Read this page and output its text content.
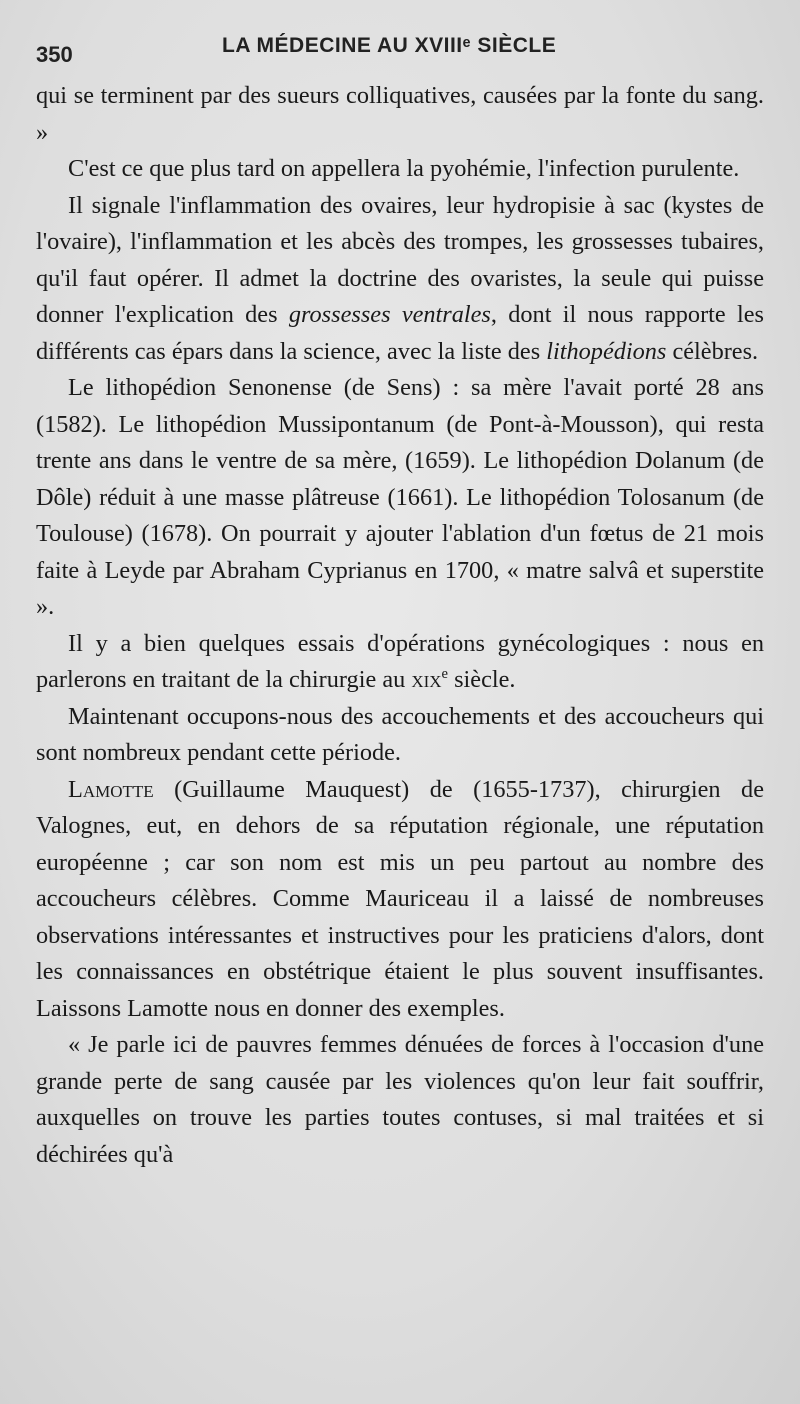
350	LA MÉDECINE AU XVIIIᵉ SIÈCLE

qui se terminent par des sueurs colliquatives, causées par la fonte du sang. »

C'est ce que plus tard on appellera la pyohémie, l'infection purulente.

Il signale l'inflammation des ovaires, leur hydropisie à sac (kystes de l'ovaire), l'inflammation et les abcès des trompes, les grossesses tubaires, qu'il faut opérer. Il admet la doctrine des ovaristes, la seule qui puisse donner l'explication des grossesses ventrales, dont il nous rapporte les différents cas épars dans la science, avec la liste des lithopédions célèbres.

Le lithopédion Senonense (de Sens) : sa mère l'avait porté 28 ans (1582). Le lithopédion Mussipontanum (de Pont-à-Mousson), qui resta trente ans dans le ventre de sa mère, (1659). Le lithopédion Dolanum (de Dôle) réduit à une masse plâtreuse (1661). Le lithopédion Tolosanum (de Toulouse) (1678). On pourrait y ajouter l'ablation d'un fœtus de 21 mois faite à Leyde par Abraham Cyprianus en 1700, « matre salvâ et superstite ».

Il y a bien quelques essais d'opérations gynécologiques : nous en parlerons en traitant de la chirurgie au xix$^e$ siècle.

Maintenant occupons-nous des accouchements et des accoucheurs qui sont nombreux pendant cette période.

Lamotte (Guillaume Mauquest) de (1655-1737), chirurgien de Valognes, eut, en dehors de sa réputation régionale, une réputation européenne ; car son nom est mis un peu partout au nombre des accoucheurs célèbres. Comme Mauriceau il a laissé de nombreuses observations intéressantes et instructives pour les praticiens d'alors, dont les connaissances en obstétrique étaient le plus souvent insuffisantes. Laissons Lamotte nous en donner des exemples.

« Je parle ici de pauvres femmes dénuées de forces à l'occasion d'une grande perte de sang causée par les violences qu'on leur fait souffrir, auxquelles on trouve les parties toutes contuses, si mal traitées et si déchirées qu'à
